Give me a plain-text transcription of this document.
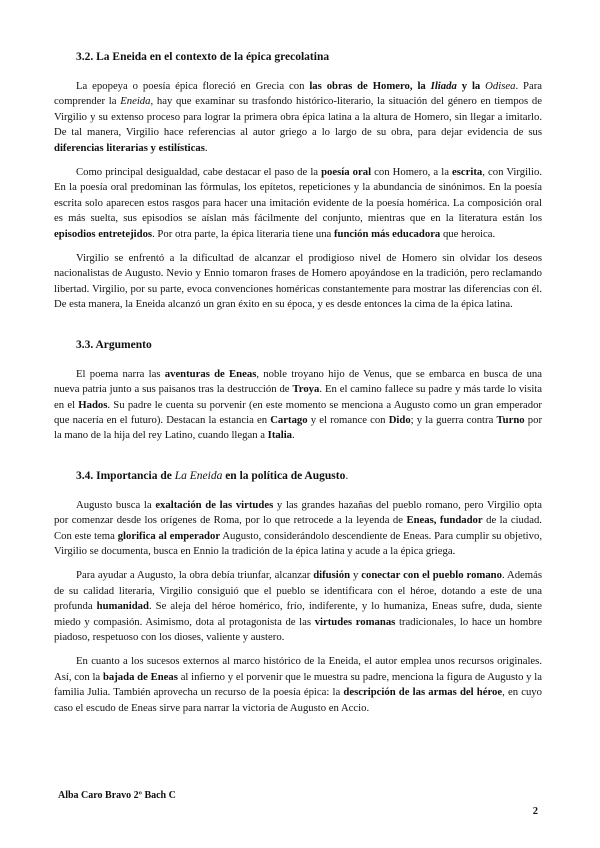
3.2. La Eneida en el contexto de la épica grecolatina

La epopeya o poesía épica floreció en Grecia con las obras de Homero, la Iliada y la Odisea. Para comprender la Eneida, hay que examinar su trasfondo histórico-literario, la situación del género en tiempos de Virgilio y su extenso proceso para lograr la primera obra épica latina a la altura de Homero, sin llegar a imitarlo. De tal manera, Virgilio hace referencias al autor griego a lo largo de su obra, para dejar evidencia de sus diferencias literarias y estilísticas.

Como principal desigualdad, cabe destacar el paso de la poesía oral con Homero, a la escrita, con Virgilio. En la poesía oral predominan las fórmulas, los epítetos, repeticiones y la abundancia de sinónimos. En la poesía escrita solo aparecen estos rasgos para hacer una imitación evidente de la poesía homérica. La composición oral es más suelta, sus episodios se aíslan más fácilmente del conjunto, mientras que en la literatura están los episodios entretejidos. Por otra parte, la épica literaria tiene una función más educadora que heroica.

Virgilio se enfrentó a la dificultad de alcanzar el prodigioso nivel de Homero sin olvidar los deseos nacionalistas de Augusto. Nevio y Ennio tomaron frases de Homero apoyándose en la tradición, pero reclamando libertad. Virgilio, por su parte, evoca convenciones homéricas constantemente para mostrar las diferencias con él. De esta manera, la Eneida alcanzó un gran éxito en su época, y es desde entonces la cima de la épica latina.

3.3. Argumento

El poema narra las aventuras de Eneas, noble troyano hijo de Venus, que se embarca en busca de una nueva patria junto a sus paisanos tras la destrucción de Troya. En el camino fallece su padre y más tarde lo visita en el Hados. Su padre le cuenta su porvenir (en este momento se menciona a Augusto como un gran emperador que nacería en el futuro). Destacan la estancia en Cartago y el romance con Dido; y la guerra contra Turno por la mano de la hija del rey Latino, cuando llegan a Italia.

3.4. Importancia de La Eneida en la política de Augusto.

Augusto busca la exaltación de las virtudes y las grandes hazañas del pueblo romano, pero Virgilio opta por comenzar desde los orígenes de Roma, por lo que retrocede a la leyenda de Eneas, fundador de la ciudad. Con este tema glorifica al emperador Augusto, considerándolo descendiente de Eneas. Para cumplir su objetivo, Virgilio se documenta, busca en Ennio la tradición de la épica latina y acude a la épica griega.

Para ayudar a Augusto, la obra debía triunfar, alcanzar difusión y conectar con el pueblo romano. Además de su calidad literaria, Virgilio consiguió que el pueblo se identificara con el héroe, dotando a este de una profunda humanidad. Se aleja del héroe homérico, frío, indiferente, y lo humaniza, Eneas sufre, duda, siente miedo y compasión. Asimismo, dota al protagonista de las virtudes romanas tradicionales, lo hace un hombre piadoso, respetuoso con los dioses, valiente y austero.

En cuanto a los sucesos externos al marco histórico de la Eneida, el autor emplea unos recursos originales. Así, con la bajada de Eneas al infierno y el porvenir que le muestra su padre, menciona la figura de Augusto y la familia Julia. También aprovecha un recurso de la poesía épica: la descripción de las armas del héroe, en cuyo caso el escudo de Eneas sirve para narrar la victoria de Augusto en Accio.

Alba Caro Bravo 2º Bach C
2
